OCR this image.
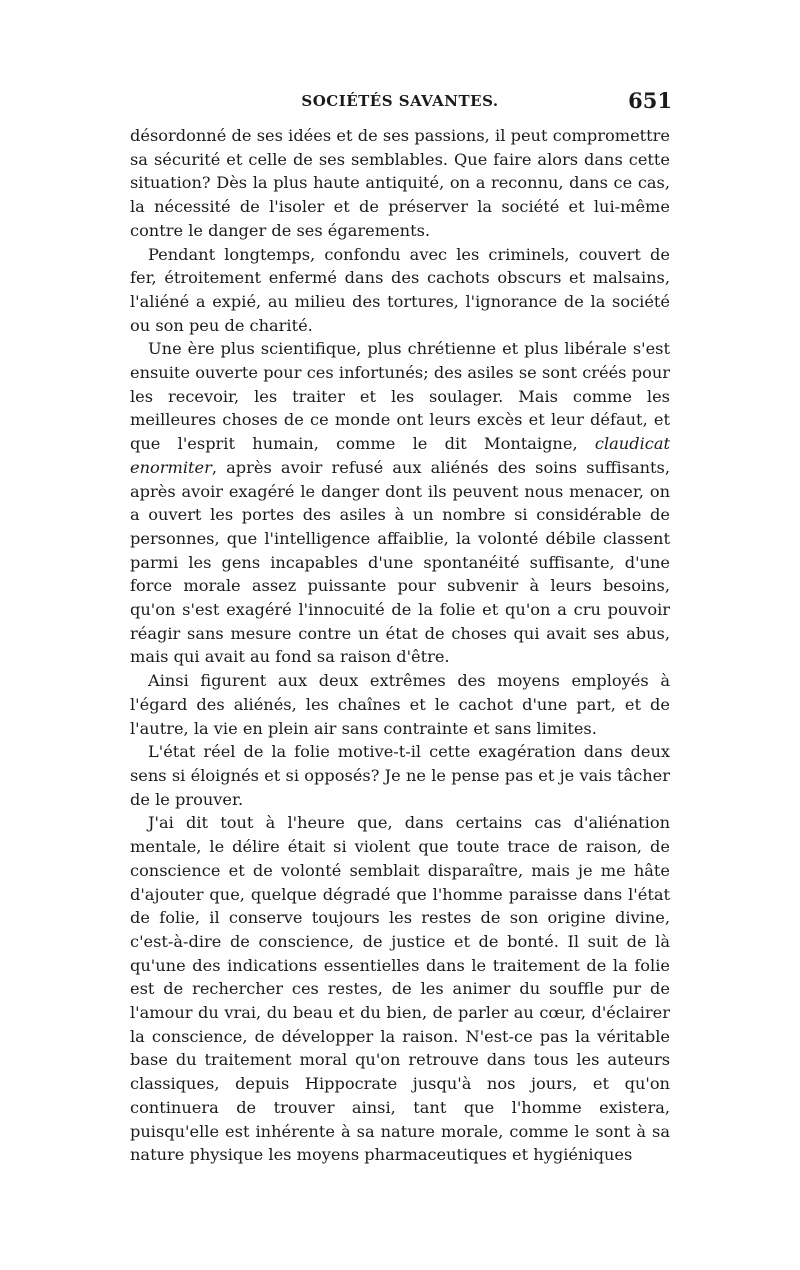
SOCIÉTÉS SAVANTES.	651

désordonné de ses idées et de ses passions, il peut compromettre sa sécurité et celle de ses semblables. Que faire alors dans cette situation? Dès la plus haute antiquité, on a reconnu, dans ce cas, la nécessité de l'isoler et de préserver la société et lui-même contre le danger de ses égarements.

Pendant longtemps, confondu avec les criminels, couvert de fer, étroitement enfermé dans des cachots obscurs et malsains, l'aliéné a expié, au milieu des tortures, l'ignorance de la société ou son peu de charité.

Une ère plus scientifique, plus chrétienne et plus libérale s'est ensuite ouverte pour ces infortunés; des asiles se sont créés pour les recevoir, les traiter et les soulager. Mais comme les meilleures choses de ce monde ont leurs excès et leur défaut, et que l'esprit humain, comme le dit Montaigne, claudicat enormiter, après avoir refusé aux aliénés des soins suffisants, après avoir exagéré le danger dont ils peuvent nous menacer, on a ouvert les portes des asiles à un nombre si considérable de personnes, que l'intelligence affaiblie, la volonté débile classent parmi les gens incapables d'une spontanéité suffisante, d'une force morale assez puissante pour subvenir à leurs besoins, qu'on s'est exagéré l'innocuité de la folie et qu'on a cru pouvoir réagir sans mesure contre un état de choses qui avait ses abus, mais qui avait au fond sa raison d'être.

Ainsi figurent aux deux extrêmes des moyens employés à l'égard des aliénés, les chaînes et le cachot d'une part, et de l'autre, la vie en plein air sans contrainte et sans limites.

L'état réel de la folie motive-t-il cette exagération dans deux sens si éloignés et si opposés? Je ne le pense pas et je vais tâcher de le prouver.

J'ai dit tout à l'heure que, dans certains cas d'aliénation mentale, le délire était si violent que toute trace de raison, de conscience et de volonté semblait disparaître, mais je me hâte d'ajouter que, quelque dégradé que l'homme paraisse dans l'état de folie, il conserve toujours les restes de son origine divine, c'est-à-dire de conscience, de justice et de bonté. Il suit de là qu'une des indications essentielles dans le traitement de la folie est de rechercher ces restes, de les animer du souffle pur de l'amour du vrai, du beau et du bien, de parler au cœur, d'éclairer la conscience, de développer la raison. N'est-ce pas la véritable base du traitement moral qu'on retrouve dans tous les auteurs classiques, depuis Hippocrate jusqu'à nos jours, et qu'on continuera de trouver ainsi, tant que l'homme existera, puisqu'elle est inhérente à sa nature morale, comme le sont à sa nature physique les moyens pharmaceutiques et hygiéniques
